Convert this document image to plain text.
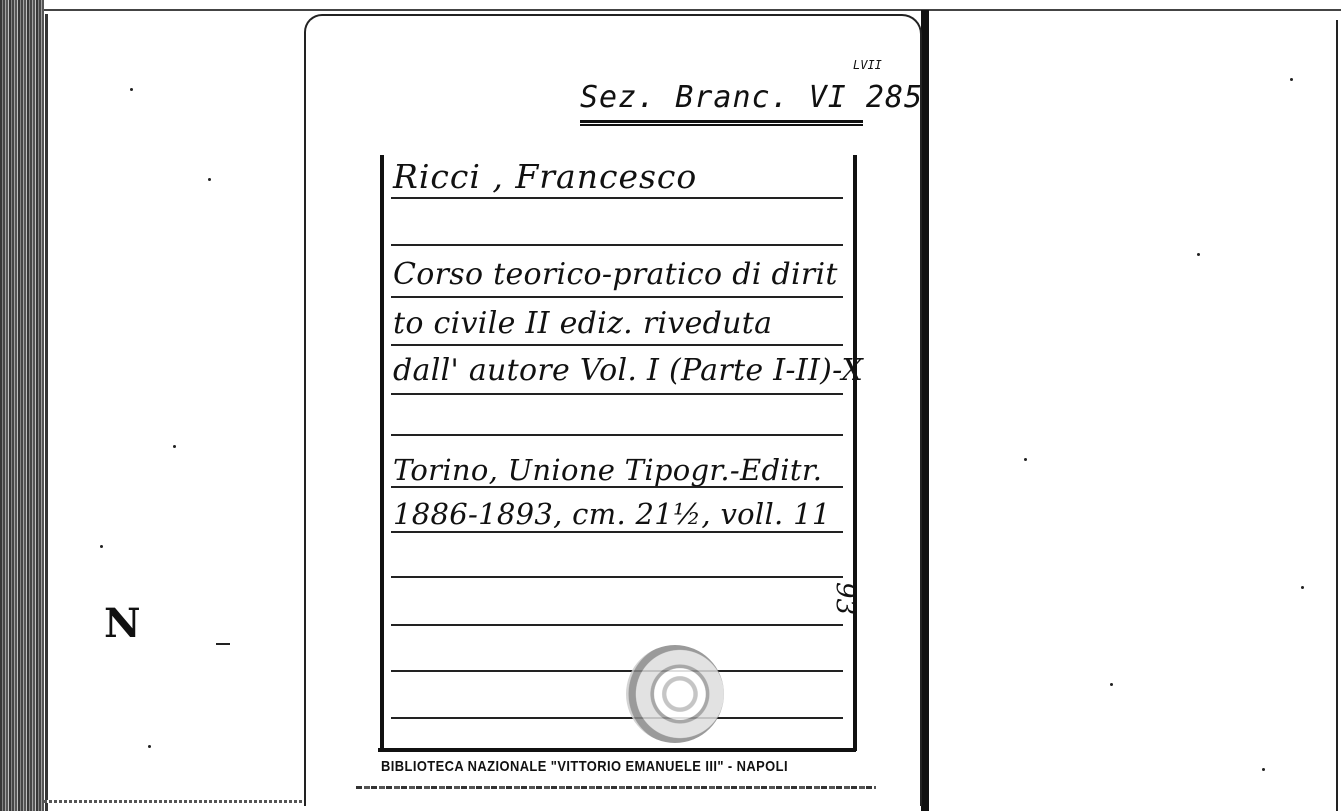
N
Sez. Branc. VI 285
LVII
Ricci , Francesco
Corso teorico-pratico di dirit
to civile II ediz. riveduta
dall' autore Vol. I (Parte I-II)-X
Torino, Unione Tipogr.-Editr.
1886-1893, cm. 21½, voll. 11
93
BIBLIOTECA NAZIONALE "VITTORIO EMANUELE III" - NAPOLI
